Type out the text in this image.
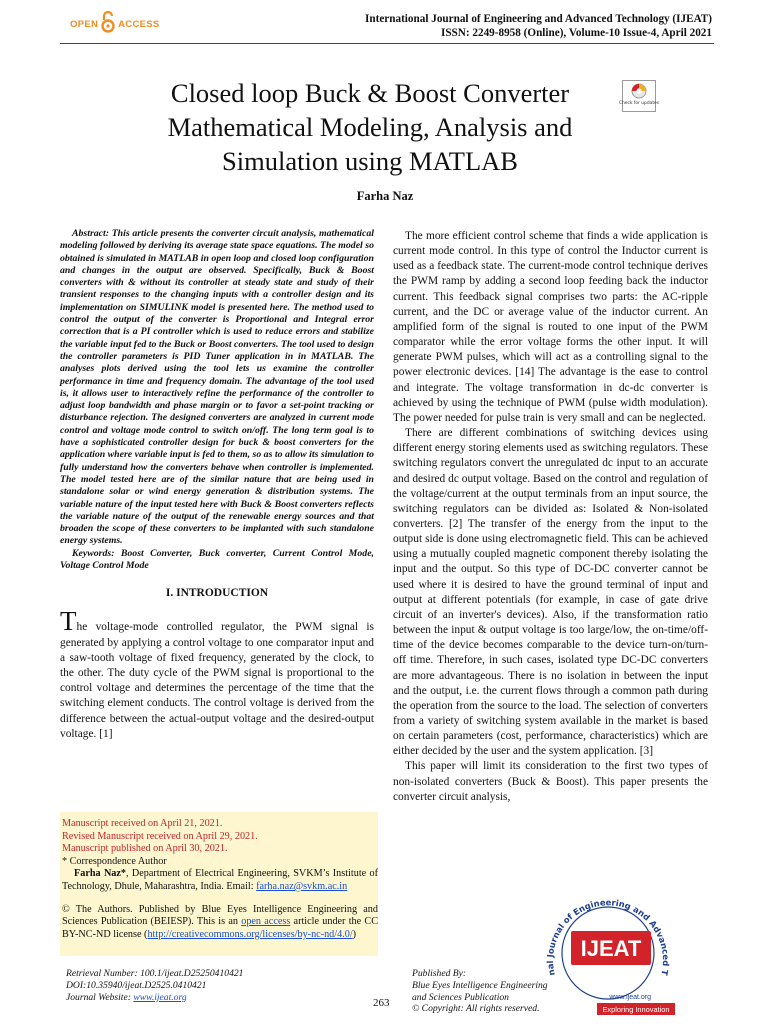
OPEN ACCESS	International Journal of Engineering and Advanced Technology (IJEAT)
ISSN: 2249-8958 (Online), Volume-10 Issue-4, April 2021
Closed loop Buck & Boost Converter
Mathematical Modeling, Analysis and
Simulation using MATLAB
Check for updates
Farha Naz

Abstract: This article presents the converter circuit analysis, mathematical modeling followed by deriving its average state space equations. The model so obtained is simulated in MATLAB in open loop and closed loop configuration and changes in the output are observed. Specifically, Buck & Boost converters with & without its controller at steady state and study of their transient responses to the changing inputs with a controller design and its implementation on SIMULINK model is presented here. The method used to control the output of the converter is Proportional and Integral error correction that is a PI controller which is used to reduce errors and stabilize the variable input fed to the Buck or Boost converters. The tool used to design the controller parameters is PID Tuner application in in MATLAB. The analyses plots derived using the tool lets us examine the controller performance in time and frequency domain. The advantage of the tool used is, it allows user to interactively refine the performance of the controller to adjust loop bandwidth and phase margin or to favor a set-point tracking or disturbance rejection. The designed converters are analyzed in current mode control and voltage mode control to switch on/off. The long term goal is to have a sophisticated controller design for buck & boost converters for the application where variable input is fed to them, so as to allow its simulation to fully understand how the converters behave when controller is implemented. The model tested here are of the similar nature that are being used in standalone solar or wind energy generation & distribution systems. The variable nature of the input tested here with Buck & Boost converters reflects the variable nature of the output of the renewable energy sources and that broaden the scope of these converters to be implanted with such standalone energy systems.

Keywords: Boost Converter, Buck converter, Current Control Mode, Voltage Control Mode

I. INTRODUCTION

The voltage-mode controlled regulator, the PWM signal is generated by applying a control voltage to one comparator input and a saw-tooth voltage of fixed frequency, generated by the clock, to the other. The duty cycle of the PWM signal is proportional to the control voltage and determines the percentage of the time that the switching element conducts. The control voltage is derived from the difference between the actual-output voltage and the desired-output voltage. [1]

Manuscript received on April 21, 2021.
Revised Manuscript received on April 29, 2021.
Manuscript published on April 30, 2021.
* Correspondence Author

Farha Naz*, Department of Electrical Engineering, SVKM’s Institute of Technology, Dhule, Maharashtra, India. Email: farha.naz@svkm.ac.in

© The Authors. Published by Blue Eyes Intelligence Engineering and Sciences Publication (BEIESP). This is an open access article under the CC BY-NC-ND license (http://creativecommons.org/licenses/by-nc-nd/4.0/)

The more efficient control scheme that finds a wide application is current mode control. In this type of control the Inductor current is used as a feedback state. The current-mode control technique derives the PWM ramp by adding a second loop feeding back the inductor current. This feedback signal comprises two parts: the AC-ripple current, and the DC or average value of the inductor current. An amplified form of the signal is routed to one input of the PWM comparator while the error voltage forms the other input. It will generate PWM pulses, which will act as a controlling signal to the power electronic devices. [14] The advantage is the ease to control and integrate. The voltage transformation in dc-dc converter is achieved by using the technique of PWM (pulse width modulation). The power needed for pulse train is very small and can be neglected.

There are different combinations of switching devices using different energy storing elements used as switching regulators. These switching regulators convert the unregulated dc input to an accurate and desired dc output voltage. Based on the control and regulation of the voltage/current at the output terminals from an input source, the switching regulators can be divided as: Isolated & Non-isolated converters. [2] The transfer of the energy from the input to the output side is done using electromagnetic field. This can be achieved using a mutually coupled magnetic component thereby isolating the input and the output. So this type of DC-DC converter cannot be used where it is desired to have the ground terminal of input and output at different potentials (for example, in case of gate drive circuit of an inverter's devices). Also, if the transformation ratio between the input & output voltage is too large/low, the on-time/off-time of the device becomes comparable to the device turn-on/turn-off time. Therefore, in such cases, isolated type DC-DC converters are more advantageous. There is no isolation in between the input and the output, i.e. the current flows through a common path during the operation from the source to the load. The selection of converters from a variety of switching system available in the market is based on certain parameters (cost, performance, characteristics) which are either decided by the user and the system application. [3]

This paper will limit its consideration to the first two types of non-isolated converters (Buck & Boost). This paper presents the converter circuit analysis,

nal Journal of Engineering and Advanced T
IJEAT
www.ijeat.org
Exploring Innovation
Retrieval Number: 100.1/ijeat.D25250410421
DOI:10.35940/ijeat.D2525.0410421
Journal Website: www.ijeat.org	263
Published By:
Blue Eyes Intelligence Engineering
and Sciences Publication
© Copyright: All rights reserved.
